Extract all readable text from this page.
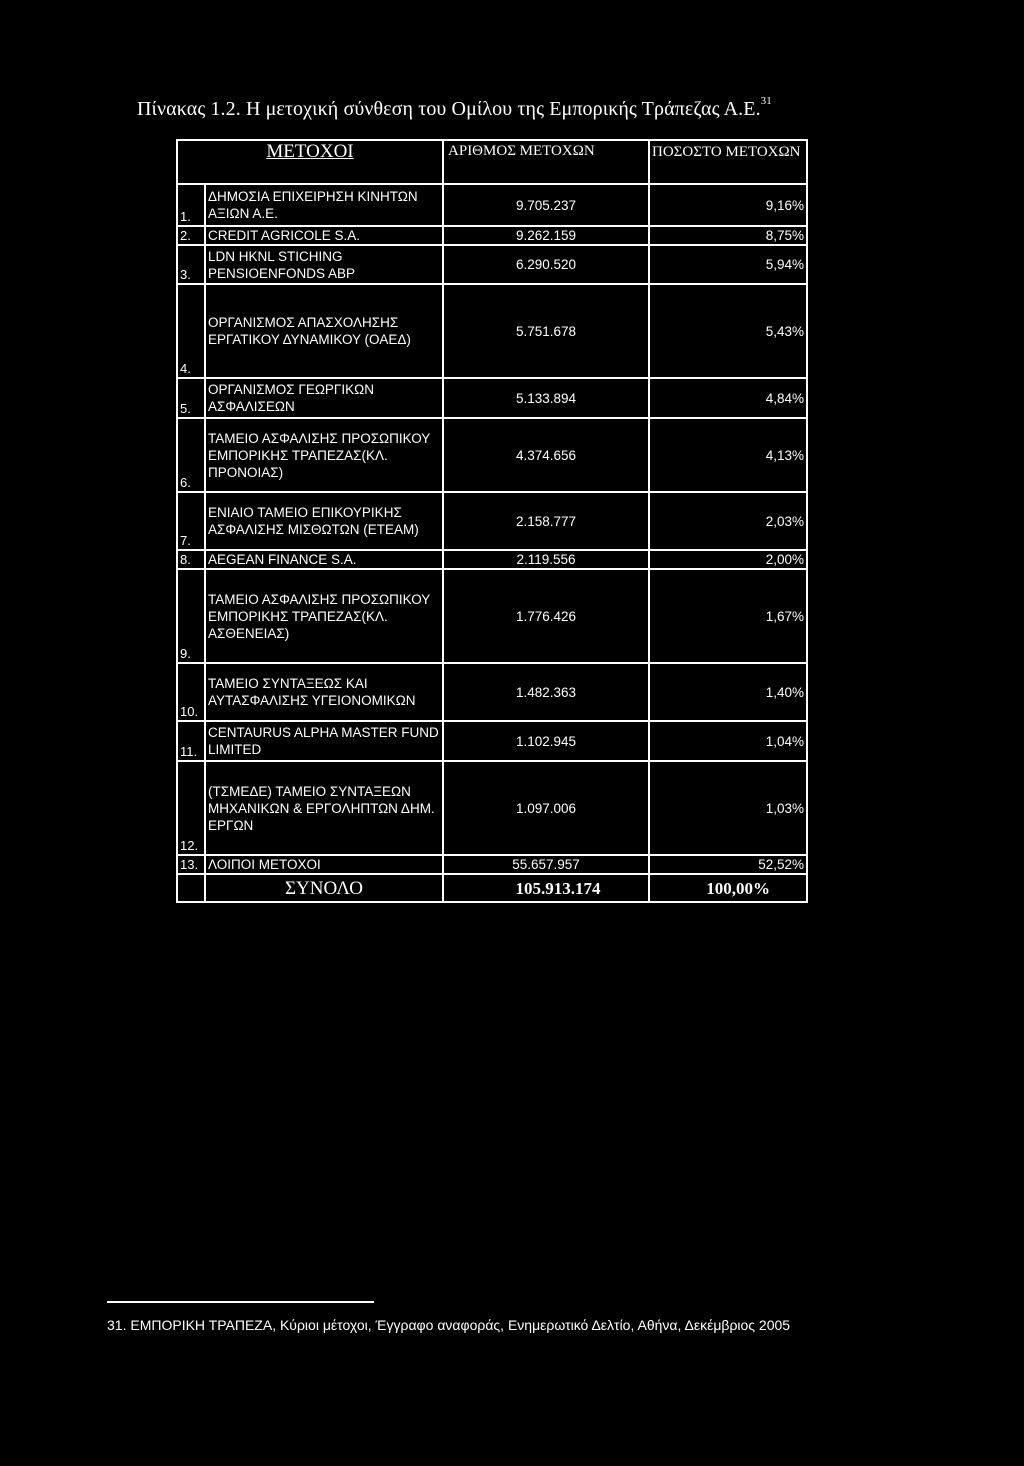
Πίνακας 1.2. Η μετοχική σύνθεση του Ομίλου της Εμπορικής Τράπεζας Α.Ε.$^{31}$
ΜΕΤΟΧΟΙ		ΑΡΙΘΜΟΣ ΜΕΤΟΧΩΝ	ΠΟΣΟΣΤΟ ΜΕΤΟΧΩΝ
1.	ΔΗΜΟΣΙΑ ΕΠΙΧΕΙΡΗΣΗ ΚΙΝΗΤΩΝ ΑΞΙΩΝ Α.Ε.	9.705.237	9,16%
2.	CREDIT AGRICOLE S.A.	9.262.159	8,75%
3.	LDN HKNL STICHING PENSIOENFONDS ABP	6.290.520	5,94%
4.	ΟΡΓΑΝΙΣΜΟΣ ΑΠΑΣΧΟΛΗΣΗΣ ΕΡΓΑΤΙΚΟΥ ΔΥΝΑΜΙΚΟΥ (ΟΑΕΔ)	5.751.678	5,43%
5.	ΟΡΓΑΝΙΣΜΟΣ ΓΕΩΡΓΙΚΩΝ ΑΣΦΑΛΙΣΕΩΝ	5.133.894	4,84%
6.	ΤΑΜΕΙΟ ΑΣΦΑΛΙΣΗΣ ΠΡΟΣΩΠΙΚΟΥ ΕΜΠΟΡΙΚΗΣ ΤΡΑΠΕΖΑΣ(ΚΛ. ΠΡΟΝΟΙΑΣ)	4.374.656	4,13%
7.	ΕΝΙΑΙΟ ΤΑΜΕΙΟ ΕΠΙΚΟΥΡΙΚΗΣ ΑΣΦΑΛΙΣΗΣ ΜΙΣΘΩΤΩΝ (ΕΤΕΑΜ)	2.158.777	2,03%
8.	AEGEAN FINANCE S.A.	2.119.556	2,00%
9.	ΤΑΜΕΙΟ ΑΣΦΑΛΙΣΗΣ ΠΡΟΣΩΠΙΚΟΥ ΕΜΠΟΡΙΚΗΣ ΤΡΑΠΕΖΑΣ(ΚΛ. ΑΣΘΕΝΕΙΑΣ)	1.776.426	1,67%
10.	ΤΑΜΕΙΟ ΣΥΝΤΑΞΕΩΣ ΚΑΙ ΑΥΤΑΣΦΑΛΙΣΗΣ ΥΓΕΙΟΝΟΜΙΚΩΝ	1.482.363	1,40%
11.	CENTAURUS ALPHA MASTER FUND LIMITED	1.102.945	1,04%
12.	(ΤΣΜΕΔΕ) ΤΑΜΕΙΟ ΣΥΝΤΑΞΕΩΝ ΜΗΧΑΝΙΚΩΝ & ΕΡΓΟΛΗΠΤΩΝ ΔΗΜ. ΕΡΓΩΝ	1.097.006	1,03%
13.	ΛΟΙΠΟΙ ΜΕΤΟΧΟΙ	55.657.957	52,52%
	ΣΥΝΟΛΟ	105.913.174	100,00%
31. ΕΜΠΟΡΙΚΗ ΤΡΑΠΕΖΑ, Κύριοι μέτοχοι, Έγγραφο αναφοράς, Ενημερωτικό Δελτίο, Αθήνα, Δεκέμβριος 2005
